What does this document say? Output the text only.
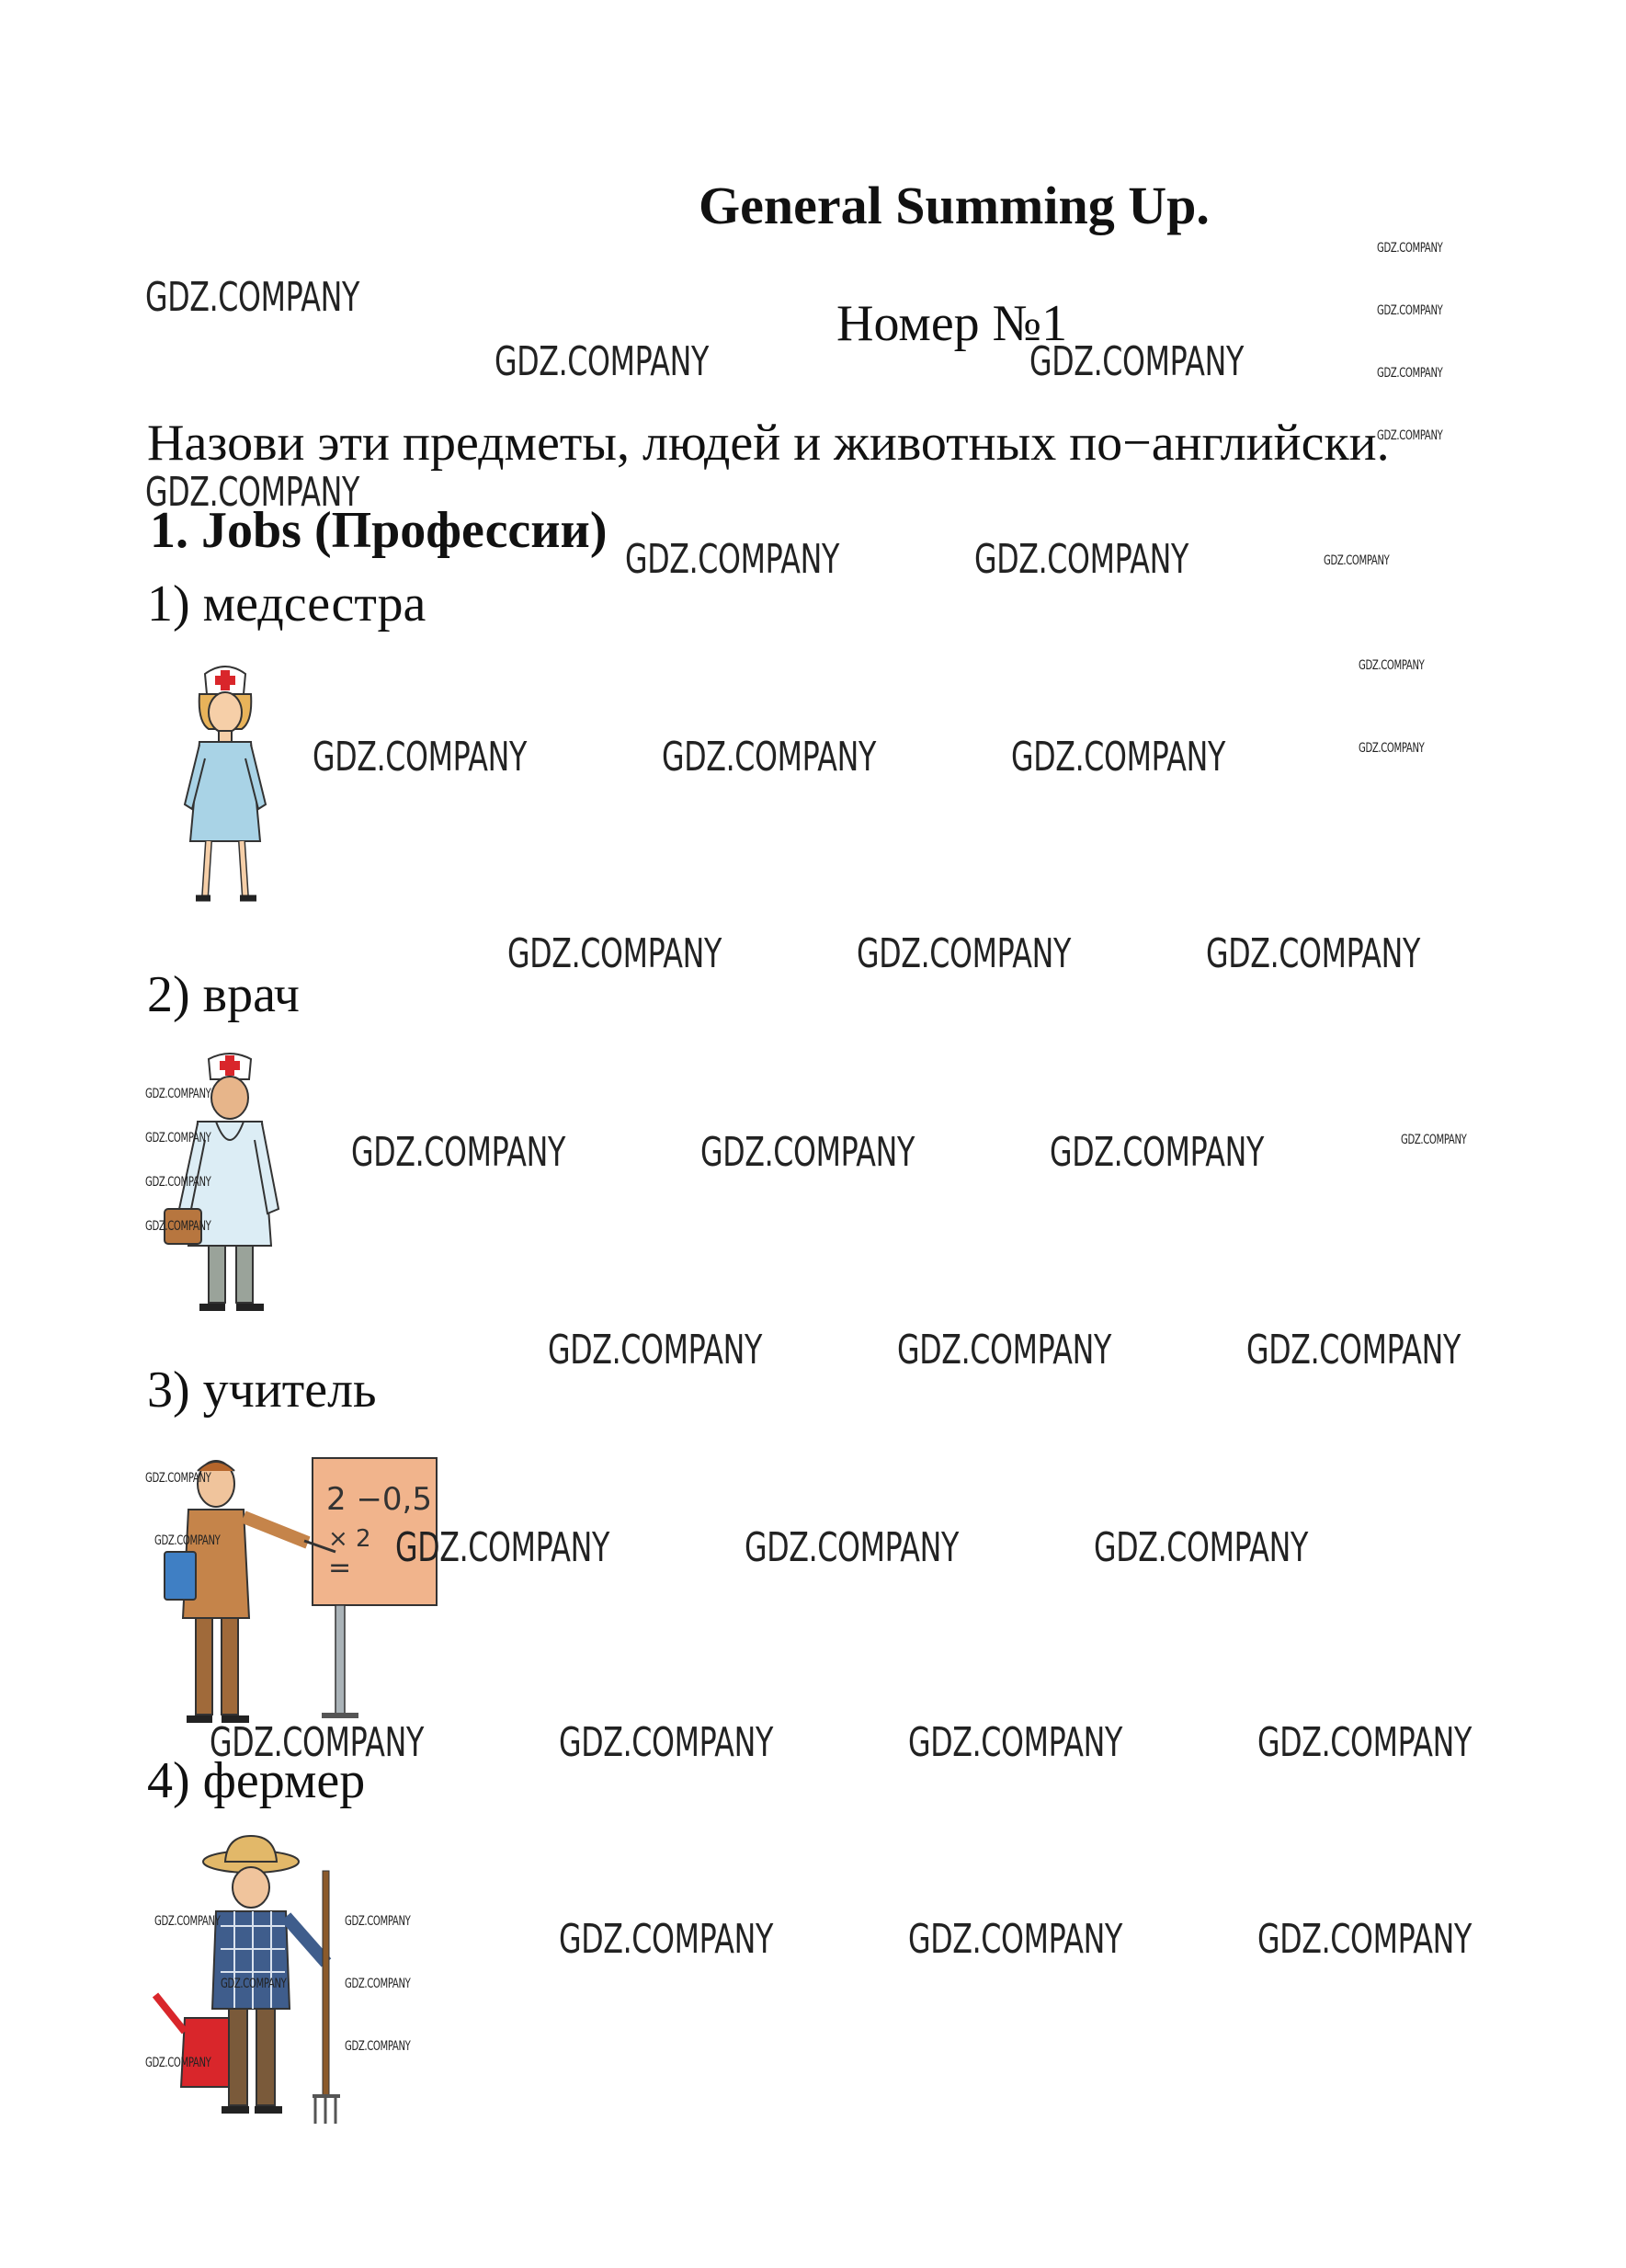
General Summing Up.
Номер №1
Назови эти предметы, людей и животных по−английски.
1. Jobs (Профессии)
1) медсестра
2) врач
3) учитель
4) фермер
2 −0,5
× 2
=
GDZ.COMPANY
GDZ.COMPANY	GDZ.COMPANY
GDZ.COMPANY
GDZ.COMPANY	GDZ.COMPANY
GDZ.COMPANY	GDZ.COMPANY	GDZ.COMPANY
GDZ.COMPANY	GDZ.COMPANY	GDZ.COMPANY
GDZ.COMPANY	GDZ.COMPANY	GDZ.COMPANY
GDZ.COMPANY	GDZ.COMPANY	GDZ.COMPANY
GDZ.COMPANY	GDZ.COMPANY	GDZ.COMPANY
GDZ.COMPANY	GDZ.COMPANY	GDZ.COMPANY	GDZ.COMPANY
GDZ.COMPANY	GDZ.COMPANY	GDZ.COMPANY
GDZ.COMPANY
GDZ.COMPANY
GDZ.COMPANY
GDZ.COMPANY
GDZ.COMPANY
GDZ.COMPANY
GDZ.COMPANY
GDZ.COMPANY
GDZ.COMPANY
GDZ.COMPANY
GDZ.COMPANY
GDZ.COMPANY
GDZ.COMPANY
GDZ.COMPANY
GDZ.COMPANY
GDZ.COMPANY
GDZ.COMPANY
GDZ.COMPANY
GDZ.COMPANY
GDZ.COMPANY
